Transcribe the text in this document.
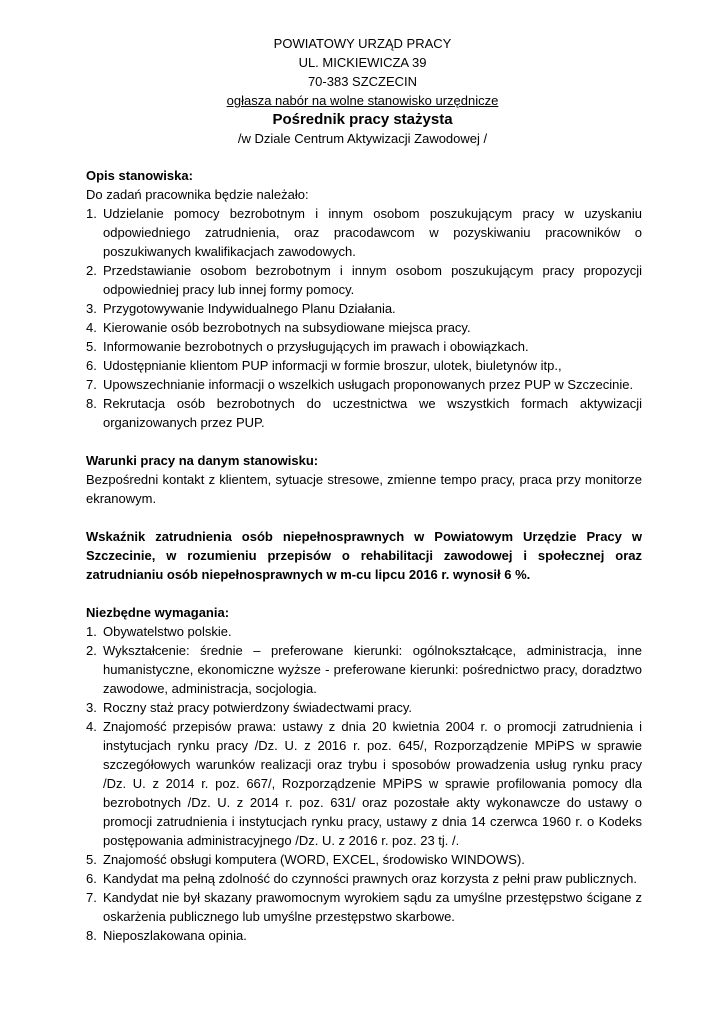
POWIATOWY URZĄD PRACY
UL. MICKIEWICZA 39
70-383 SZCZECIN
ogłasza nabór na wolne stanowisko urzędnicze
Pośrednik pracy stażysta
/w Dziale Centrum Aktywizacji Zawodowej /
Opis stanowiska:
Do zadań pracownika będzie należało:
1. Udzielanie pomocy bezrobotnym i innym osobom poszukującym pracy w uzyskaniu odpowiedniego zatrudnienia, oraz pracodawcom w pozyskiwaniu pracowników o poszukiwanych kwalifikacjach zawodowych.
2. Przedstawianie osobom bezrobotnym i innym osobom poszukującym pracy propozycji odpowiedniej pracy lub innej formy pomocy.
3. Przygotowywanie Indywidualnego Planu Działania.
4. Kierowanie osób bezrobotnych na subsydiowane miejsca pracy.
5. Informowanie bezrobotnych o przysługujących im prawach i obowiązkach.
6. Udostępnianie klientom PUP informacji w formie broszur, ulotek, biuletynów itp.,
7. Upowszechnianie informacji o wszelkich usługach proponowanych przez PUP w Szczecinie.
8. Rekrutacja osób bezrobotnych do uczestnictwa we wszystkich formach aktywizacji organizowanych przez PUP.
Warunki pracy na danym stanowisku:
Bezpośredni kontakt z klientem, sytuacje stresowe, zmienne tempo pracy, praca przy monitorze ekranowym.
Wskaźnik zatrudnienia osób niepełnosprawnych w Powiatowym Urzędzie Pracy w Szczecinie, w rozumieniu przepisów o rehabilitacji zawodowej i społecznej oraz zatrudnianiu osób niepełnosprawnych w m-cu lipcu 2016 r. wynosił 6 %.
Niezbędne wymagania:
1. Obywatelstwo polskie.
2. Wykształcenie: średnie – preferowane kierunki: ogólnokształcące, administracja, inne humanistyczne, ekonomiczne wyższe - preferowane kierunki: pośrednictwo pracy, doradztwo zawodowe, administracja, socjologia.
3. Roczny staż pracy potwierdzony świadectwami pracy.
4. Znajomość przepisów prawa: ustawy z dnia 20 kwietnia 2004 r. o promocji zatrudnienia i instytucjach rynku pracy /Dz. U. z 2016 r. poz. 645/, Rozporządzenie MPiPS w sprawie szczegółowych warunków realizacji oraz trybu i sposobów prowadzenia usług rynku pracy /Dz. U. z 2014 r. poz. 667/, Rozporządzenie MPiPS w sprawie profilowania pomocy dla bezrobotnych /Dz. U. z 2014 r. poz. 631/ oraz pozostałe akty wykonawcze do ustawy o promocji zatrudnienia i instytucjach rynku pracy, ustawy z dnia 14 czerwca 1960 r. o Kodeks postępowania administracyjnego /Dz. U. z 2016 r. poz. 23 tj. /.
5. Znajomość obsługi komputera (WORD, EXCEL, środowisko WINDOWS).
6. Kandydat ma pełną zdolność do czynności prawnych oraz korzysta z pełni praw publicznych.
7. Kandydat nie był skazany prawomocnym wyrokiem sądu za umyślne przestępstwo ścigane z oskarżenia publicznego lub umyślne przestępstwo skarbowe.
8. Nieposzlakowana opinia.
